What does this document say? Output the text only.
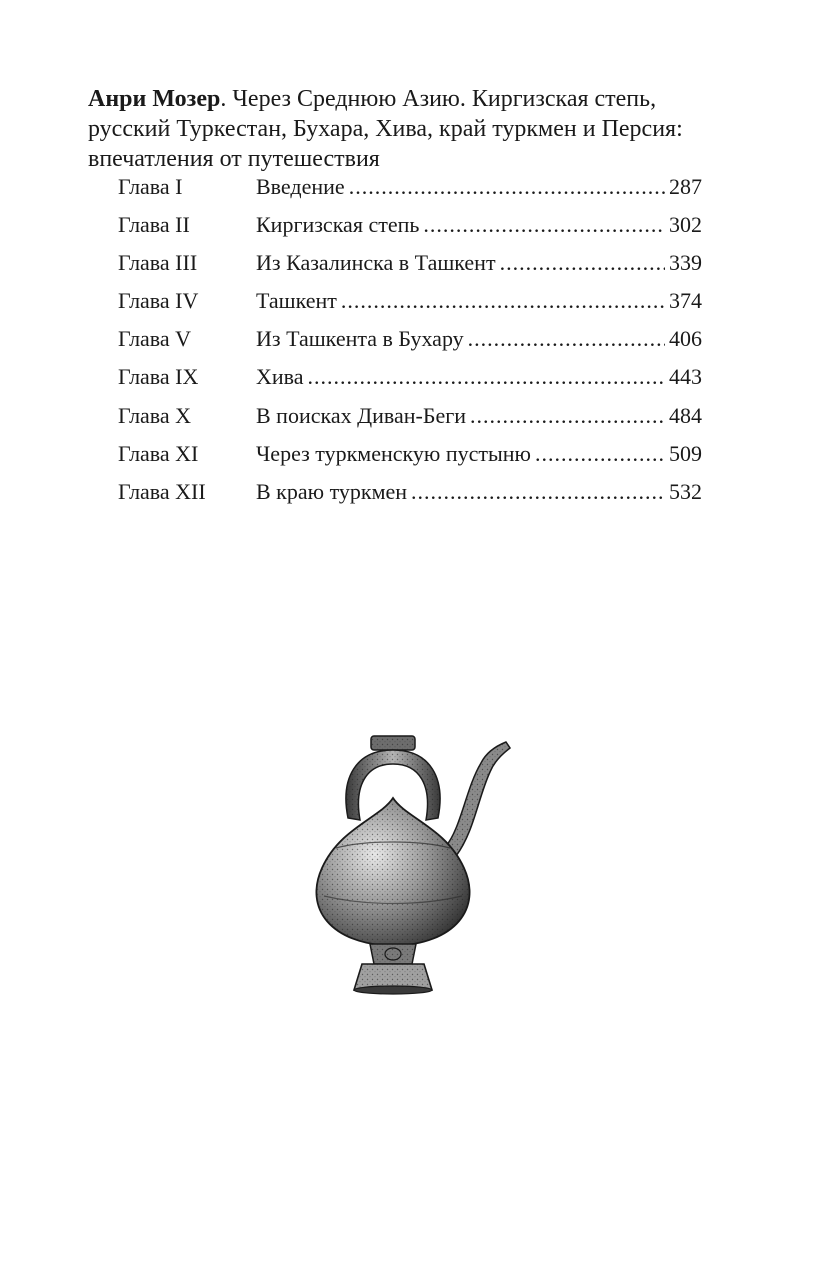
Анри Мозер. Через Среднюю Азию. Киргизская степь, русский Туркестан, Бухара, Хива, край туркмен и Персия: впечатления от путешествия
Глава I	Введение .....	287
Глава II	Киргизская степь .....	302
Глава III	Из Казалинска в Ташкент .....	339
Глава IV	Ташкент .....	374
Глава V	Из Ташкента в Бухару .....	406
Глава IX	Хива .....	443
Глава X	В поисках Диван-Беги .....	484
Глава XI	Через туркменскую пустыню .....	509
Глава XII	В краю туркмен .....	532
